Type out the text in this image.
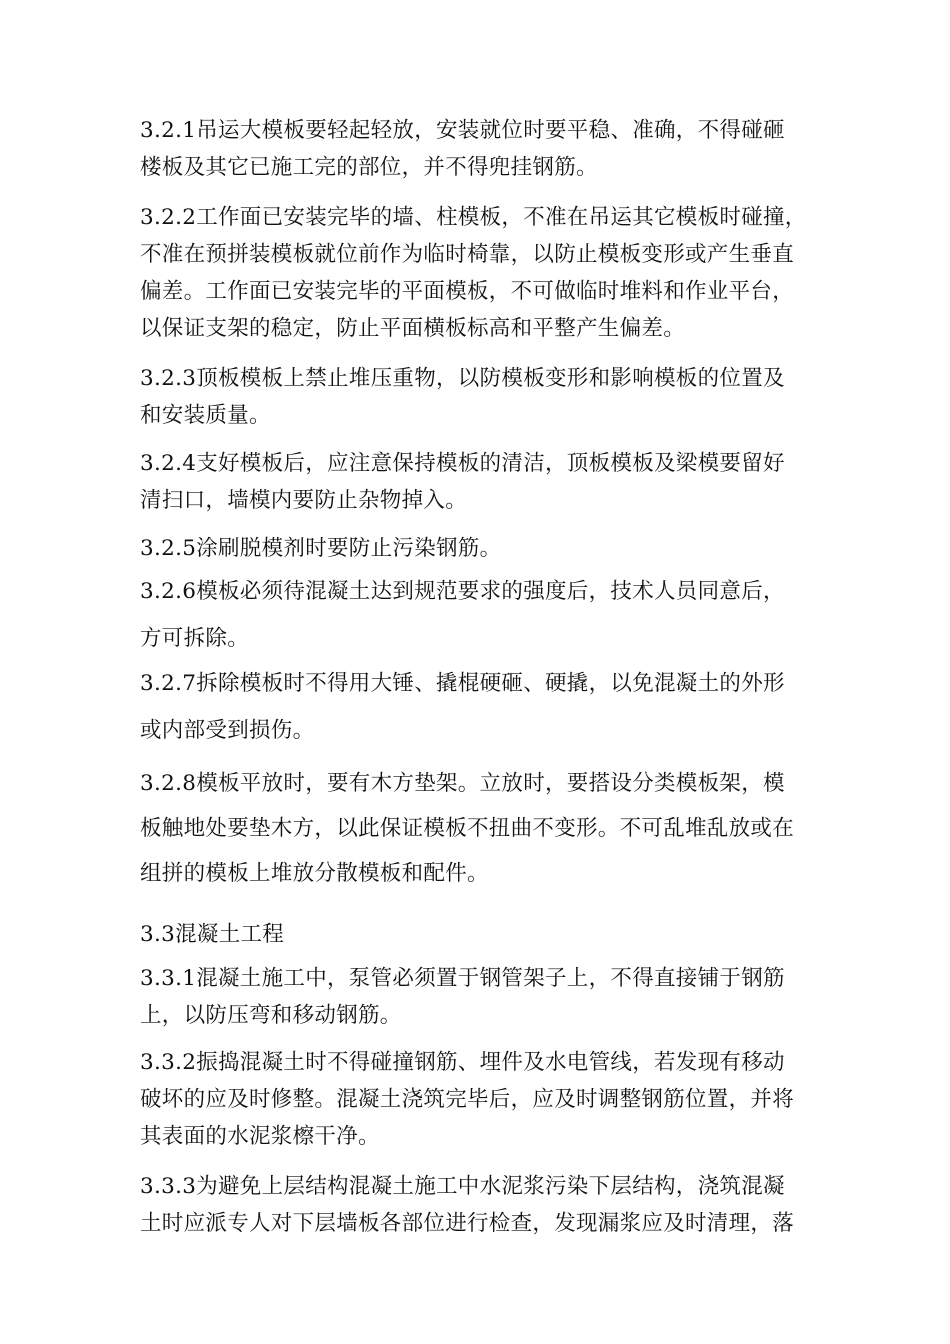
3.2.1吊运大模板要轻起轻放，安装就位时要平稳、准确，不得碰砸
楼板及其它已施工完的部位，并不得兜挂钢筋。
3.2.2工作面已安装完毕的墙、柱模板，不准在吊运其它模板时碰撞，
不准在预拼装模板就位前作为临时椅靠，以防止模板变形或产生垂直
偏差。工作面已安装完毕的平面模板，不可做临时堆料和作业平台，
以保证支架的稳定，防止平面横板标高和平整产生偏差。
3.2.3顶板模板上禁止堆压重物，以防模板变形和影响模板的位置及
和安装质量。
3.2.4支好模板后，应注意保持模板的清洁，顶板模板及梁模要留好
清扫口，墙模内要防止杂物掉入。
3.2.5涂刷脱模剂时要防止污染钢筋。
3.2.6模板必须待混凝土达到规范要求的强度后，技术人员同意后，
方可拆除。
3.2.7拆除模板时不得用大锤、撬棍硬砸、硬撬，以免混凝土的外形
或内部受到损伤。
3.2.8模板平放时，要有木方垫架。立放时，要搭设分类模板架，模
板触地处要垫木方，以此保证模板不扭曲不变形。不可乱堆乱放或在
组拼的模板上堆放分散模板和配件。
3.3混凝土工程
3.3.1混凝土施工中，泵管必须置于钢管架子上，不得直接铺于钢筋
上，以防压弯和移动钢筋。
3.3.2振捣混凝土时不得碰撞钢筋、埋件及水电管线，若发现有移动
破坏的应及时修整。混凝土浇筑完毕后，应及时调整钢筋位置，并将
其表面的水泥浆檫干净。
3.3.3为避免上层结构混凝土施工中水泥浆污染下层结构，浇筑混凝
土时应派专人对下层墙板各部位进行检查，发现漏浆应及时清理，落
